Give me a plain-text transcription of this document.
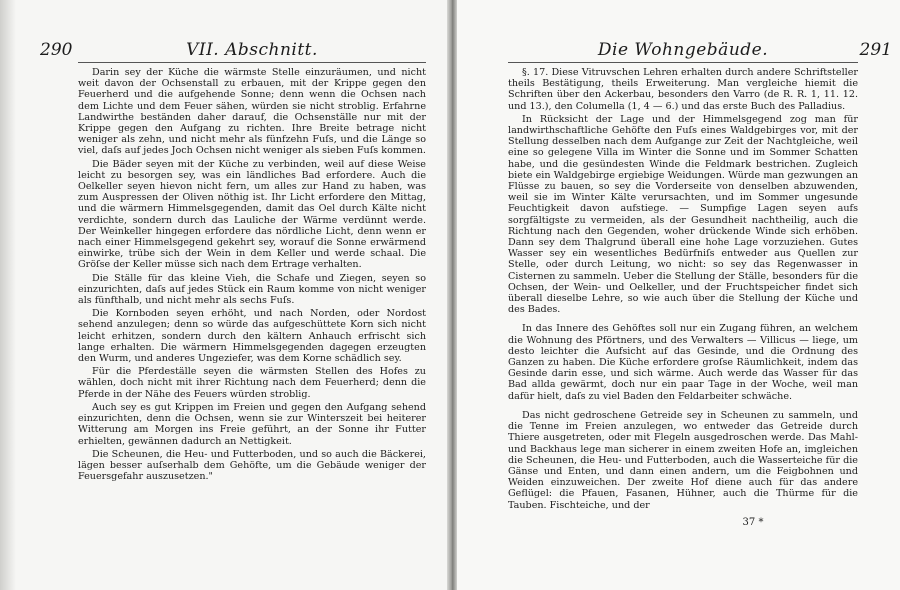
290	VII. Abschnitt.

Darin sey der Küche die wärmste Stelle einzuräumen, und nicht weit davon der Ochsenstall zu erbauen, mit der Krippe gegen den Feuerherd und die aufgehende Sonne; denn wenn die Ochsen nach dem Lichte und dem Feuer sähen, würden sie nicht stroblig. Erfahrne Landwirthe beständen daher darauf, die Ochsenställe nur mit der Krippe gegen den Aufgang zu richten. Ihre Breite betrage nicht weniger als zehn, und nicht mehr als fünfzehn Fuſs, und die Länge so viel, daſs auf jedes Joch Ochsen nicht weniger als sieben Fuſs kommen.

Die Bäder seyen mit der Küche zu verbinden, weil auf diese Weise leicht zu besorgen sey, was ein ländliches Bad erfordere. Auch die Oelkeller seyen hievon nicht fern, um alles zur Hand zu haben, was zum Auspressen der Oliven nöthig ist. Ihr Licht erfordere den Mittag, und die wärmern Himmelsgegenden, damit das Oel durch Kälte nicht verdichte, sondern durch das Lauliche der Wärme verdünnt werde. Der Weinkeller hingegen erfordere das nördliche Licht, denn wenn er nach einer Himmelsgegend gekehrt sey, worauf die Sonne erwärmend einwirke, trübe sich der Wein in dem Keller und werde schaal. Die Gröſse der Keller müsse sich nach dem Ertrage verhalten.

Die Ställe für das kleine Vieh, die Schafe und Ziegen, seyen so einzurichten, daſs auf jedes Stück ein Raum komme von nicht weniger als fünfthalb, und nicht mehr als sechs Fuſs.

Die Kornboden seyen erhöht, und nach Norden, oder Nordost sehend anzulegen; denn so würde das aufgeschüttete Korn sich nicht leicht erhitzen, sondern durch den kältern Anhauch erfrischt sich lange erhalten. Die wärmern Himmelsgegenden dagegen erzeugten den Wurm, und anderes Ungeziefer, was dem Korne schädlich sey.

Für die Pferdeställe seyen die wärmsten Stellen des Hofes zu wählen, doch nicht mit ihrer Richtung nach dem Feuerherd; denn die Pferde in der Nähe des Feuers würden stroblig.

Auch sey es gut Krippen im Freien und gegen den Aufgang sehend einzurichten, denn die Ochsen, wenn sie zur Winterszeit bei heiterer Witterung am Morgen ins Freie geführt, an der Sonne ihr Futter erhielten, gewännen dadurch an Nettigkeit.

Die Scheunen, die Heu- und Futterboden, und so auch die Bäckerei, lägen besser auſserhalb dem Gehöfte, um die Gebäude weniger der Feuersgefahr auszusetzen."

Die Wohngebäude.	291

§. 17. Diese Vitruvschen Lehren erhalten durch andere Schriftsteller theils Bestätigung, theils Erweiterung. Man vergleiche hiemit die Schriften über den Ackerbau, besonders den Varro (de R. R. 1, 11. 12. und 13.), den Columella (1, 4 — 6.) und das erste Buch des Palladius.

In Rücksicht der Lage und der Himmelsgegend zog man für landwirthschaftliche Gehöfte den Fuſs eines Waldgebirges vor, mit der Stellung desselben nach dem Aufgange zur Zeit der Nachtgleiche, weil eine so gelegene Villa im Winter die Sonne und im Sommer Schatten habe, und die gesündesten Winde die Feldmark bestrichen. Zugleich biete ein Waldgebirge ergiebige Weidungen. Würde man gezwungen an Flüsse zu bauen, so sey die Vorderseite von denselben abzuwenden, weil sie im Winter Kälte verursachten, und im Sommer ungesunde Feuchtigkeit davon aufstiege. — Sumpfige Lagen seyen aufs sorgfältigste zu vermeiden, als der Gesundheit nachtheilig, auch die Richtung nach den Gegenden, woher drückende Winde sich erhöben. Dann sey dem Thalgrund überall eine hohe Lage vorzuziehen. Gutes Wasser sey ein wesentliches Bedürfniſs entweder aus Quellen zur Stelle, oder durch Leitung, wo nicht: so sey das Regenwasser in Cisternen zu sammeln. Ueber die Stellung der Ställe, besonders für die Ochsen, der Wein- und Oelkeller, und der Fruchtspeicher findet sich überall dieselbe Lehre, so wie auch über die Stellung der Küche und des Bades.

In das Innere des Gehöftes soll nur ein Zugang führen, an welchem die Wohnung des Pförtners, und des Verwalters — Villicus — liege, um desto leichter die Aufsicht auf das Gesinde, und die Ordnung des Ganzen zu haben. Die Küche erfordere groſse Räumlichkeit, indem das Gesinde darin esse, und sich wärme. Auch werde das Wasser für das Bad allda gewärmt, doch nur ein paar Tage in der Woche, weil man dafür hielt, daſs zu viel Baden den Feldarbeiter schwäche.

Das nicht gedroschene Getreide sey in Scheunen zu sammeln, und die Tenne im Freien anzulegen, wo entweder das Getreide durch Thiere ausgetreten, oder mit Flegeln ausgedroschen werde. Das Mahl- und Backhaus lege man sicherer in einem zweiten Hofe an, imgleichen die Scheunen, die Heu- und Futterboden, auch die Wasserteiche für die Gänse und Enten, und dann einen andern, um die Feigbohnen und Weiden einzuweichen. Der zweite Hof diene auch für das andere Geflügel: die Pfauen, Fasanen, Hühner, auch die Thürme für die Tauben. Fischteiche, und der

37 *
